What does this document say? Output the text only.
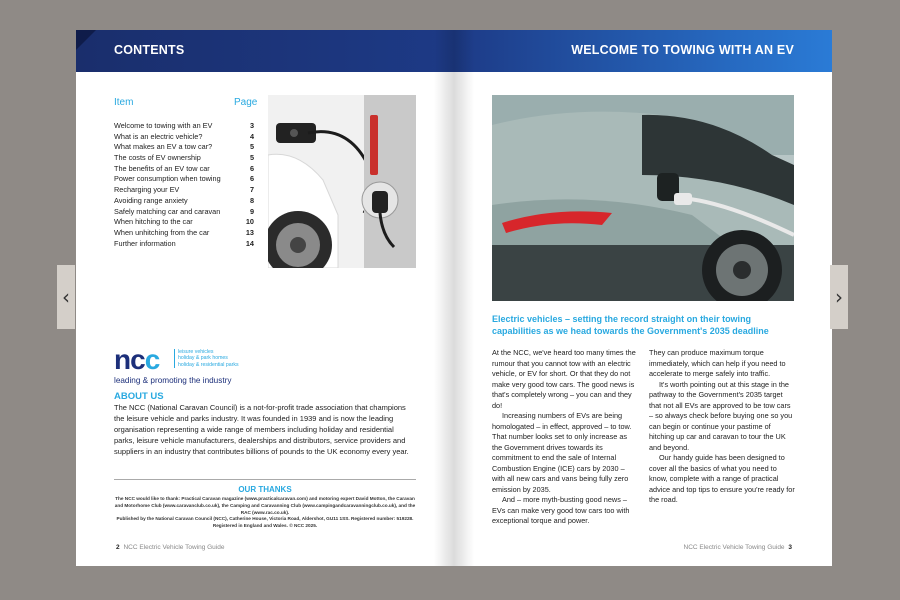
‹
CONTENTS
Item	Page
Welcome to towing with an EV	3
What is an electric vehicle?	4
What makes an EV a tow car?	5
The costs of EV ownership	5
The benefits of an EV tow car	6
Power consumption when towing	6
Recharging your EV	7
Avoiding range anxiety	8
Safely matching car and caravan	9
When hitching to the car	10
When unhitching from the car	13
Further information	14
ncc	leisure vehicles
holiday & park homes
holiday & residential parks
leading & promoting the industry
ABOUT US
The NCC (National Caravan Council) is a not-for-profit trade association that champions the leisure vehicle and parks industry. It was founded in 1939 and is now the leading organisation representing a wide range of members including holiday and residential parks, leisure vehicle manufacturers, dealerships and distributors, service providers and suppliers in an industry that contributes billions of pounds to the UK economy every year.
OUR THANKS
The NCC would like to thank: Practical Caravan magazine (www.practicalcaravan.com) and motoring expert David Motton, the Caravan and Motorhome Club (www.caravanclub.co.uk), the Camping and Caravanning Club (www.campingandcaravanningclub.co.uk), and the RAC (www.rac.co.uk).
Published by the National Caravan Council (NCC), Catherine House, Victoria Road, Aldershot, GU11 1SS. Registered number: 519228. Registered in England and Wales. © NCC 2025.
2 NCC Electric Vehicle Towing Guide
WELCOME TO TOWING WITH AN EV
Electric vehicles – setting the record straight on their towing capabilities as we head towards the Government's 2035 deadline

At the NCC, we've heard too many times the rumour that you cannot tow with an electric vehicle, or EV for short. Or that they do not make very good tow cars. The good news is that's completely wrong – you can and they do!

Increasing numbers of EVs are being homologated – in effect, approved – to tow. That number looks set to only increase as the Government drives towards its commitment to end the sale of Internal Combustion Engine (ICE) cars by 2030 – with all new cars and vans being fully zero emission by 2035.

And – more myth-busting good news – EVs can make very good tow cars too with exceptional torque and power.

They can produce maximum torque immediately, which can help if you need to accelerate to merge safely into traffic.

It's worth pointing out at this stage in the pathway to the Government's 2035 target that not all EVs are approved to be tow cars – so always check before buying one so you can begin or continue your pastime of hitching up car and caravan to tour the UK and beyond.

Our handy guide has been designed to cover all the basics of what you need to know, complete with a range of practical advice and top tips to ensure you're ready for the road.

NCC Electric Vehicle Towing Guide 3
›
